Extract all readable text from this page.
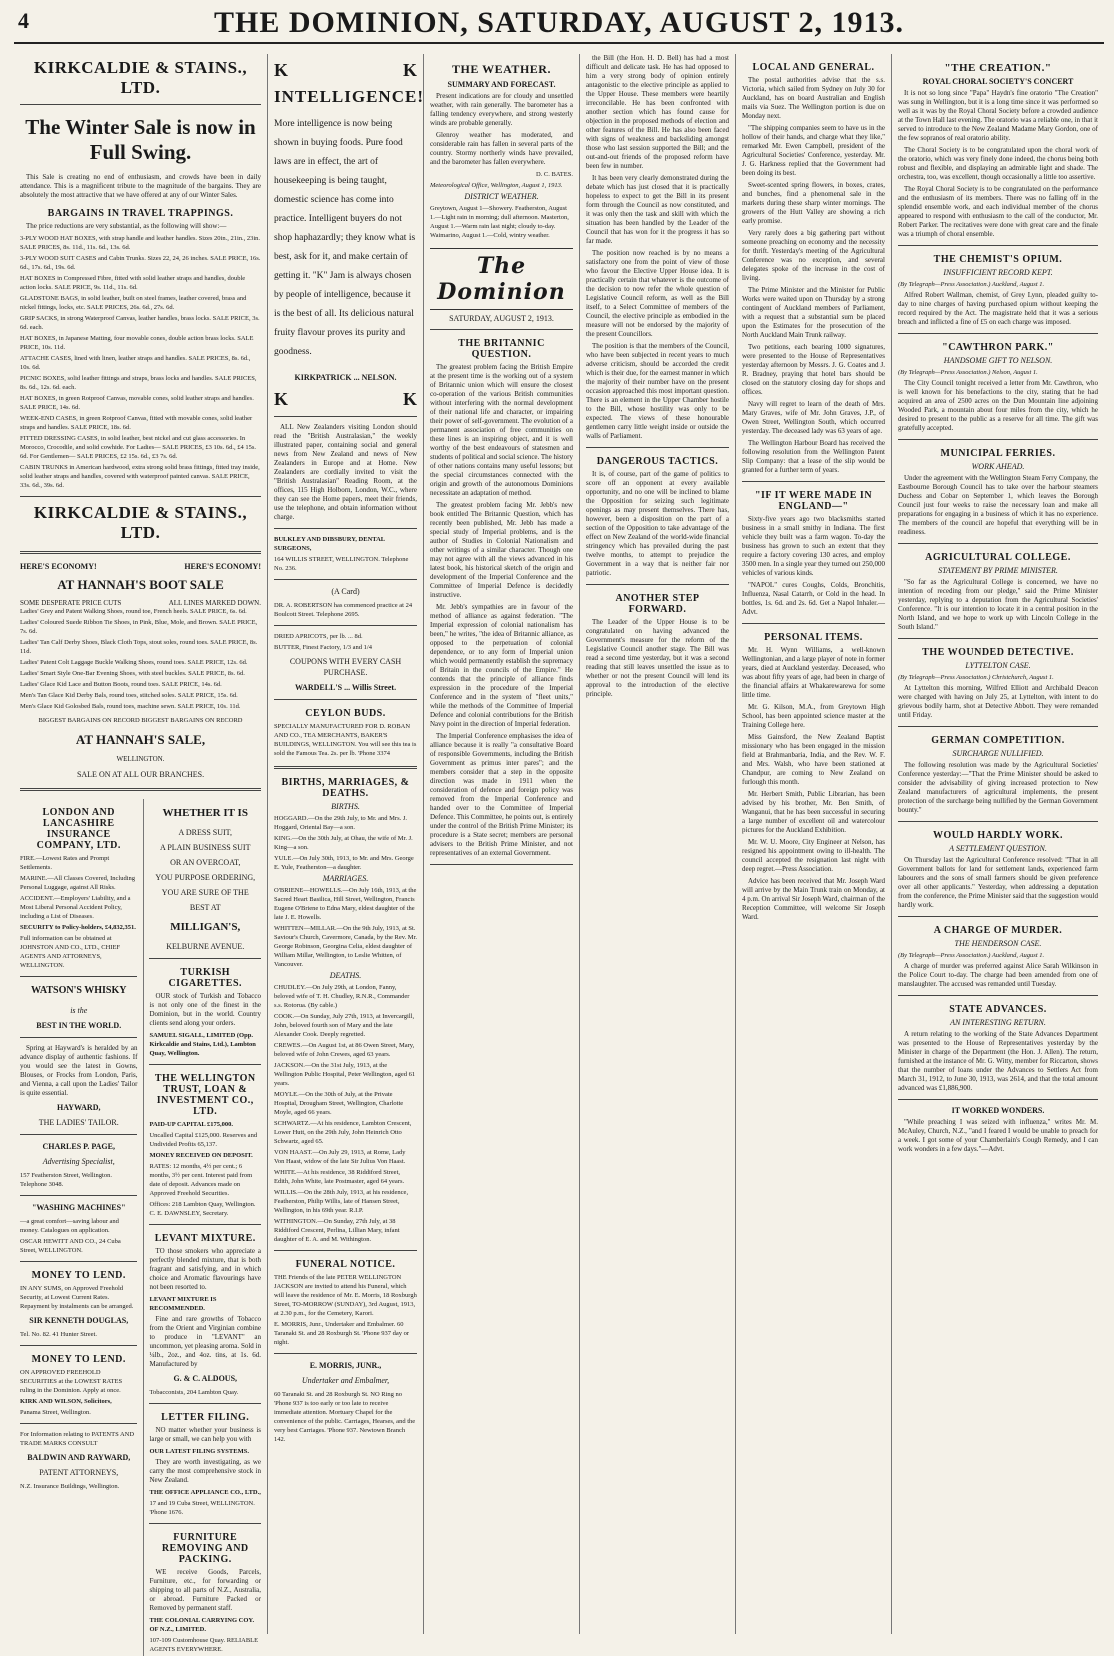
4	THE DOMINION, SATURDAY, AUGUST 2, 1913.
KIRKCALDIE & STAINS., LTD.
The Winter Sale is now in Full Swing.

This Sale is creating no end of enthusiasm, and crowds have been in daily attendance. This is a magnificent tribute to the magnitude of the bargains. They are absolutely the most attractive that we have offered at any of our Winter Sales.

BARGAINS IN TRAVEL TRAPPINGS.

The price reductions are very substantial, as the following will show:—

3-PLY WOOD HAT BOXES, with strap handle and leather handles. Sizes 20in., 21in., 23in. SALE PRICES, 8s. 11d., 11s. 6d., 13s. 6d.
3-PLY WOOD SUIT CASES and Cabin Trunks. Sizes 22, 24, 26 inches. SALE PRICE, 16s. 6d., 17s. 6d., 19s. 6d.
HAT BOXES in Compressed Fibre, fitted with solid leather straps and handles, double action locks. SALE PRICE, 9s. 11d., 11s. 6d.
GLADSTONE BAGS, in solid leather, built on steel frames, leather covered, brass and nickel fittings, locks, etc. SALE PRICES, 26s. 6d., 27s. 6d.
GRIP SACKS, in strong Waterproof Canvas, leather handles, brass locks. SALE PRICE, 3s. 6d. each.
HAT BOXES, in Japanese Matting, four movable cones, double action brass locks. SALE PRICE, 10s. 11d.
ATTACHE CASES, lined with linen, leather straps and handles. SALE PRICES, 8s. 6d., 10s. 6d.
PICNIC BOXES, solid leather fittings and straps, brass locks and handles. SALE PRICES, 8s. 6d., 12s. 6d. each.
HAT BOXES, in green Rotproof Canvas, movable cones, solid leather straps and handles. SALE PRICE, 14s. 6d.
WEEK-END CASES, in green Rotproof Canvas, fitted with movable cones, solid leather straps and handles. SALE PRICE, 18s. 6d.
FITTED DRESSING CASES, in solid leather, best nickel and cut glass accessories. In Morocco, Crocodile, and solid cowhide. For Ladies— SALE PRICES, £3 10s. 6d., £4 15s. 6d. For Gentlemen— SALE PRICES, £2 15s. 6d., £3 7s. 6d.
CABIN TRUNKS in American hardwood, extra strong solid brass fittings, fitted tray inside, solid leather straps and handles, covered with waterproof painted canvas. SALE PRICE, 33s. 6d., 39s. 6d.
KIRKCALDIE & STAINS., LTD.
HERE'S ECONOMY!	HERE'S ECONOMY!
AT HANNAH'S BOOT SALE
SOME DESPERATE PRICE CUTS	ALL LINES MARKED DOWN.
Ladies' Grey and Patent Walking Shoes, round toe, French heels. SALE PRICE, 6s. 6d.
Ladies' Coloured Suede Ribbon Tie Shoes, in Pink, Blue, Mole, and Brown. SALE PRICE, 7s. 6d.
Ladies' Tan Calf Derby Shoes, Black Cloth Tops, stout soles, round toes. SALE PRICE, 8s. 11d.
Ladies' Patent Colt Laggage Buckle Walking Shoes, round toes. SALE PRICE, 12s. 6d.
Ladies' Smart Style One-Bar Evening Shoes, with steel buckles. SALE PRICE, 8s. 6d.
Ladies' Glace Kid Lace and Button Boots, round toes. SALE PRICE, 14s. 6d.
Men's Tan Glace Kid Derby Bals, round toes, stitched soles. SALE PRICE, 15s. 6d.
Men's Glace Kid Golosbed Bals, round toes, machine sewn. SALE PRICE, 10s. 11d.
BIGGEST BARGAINS ON RECORD BIGGEST BARGAINS ON RECORD
AT HANNAH'S SALE,
WELLINGTON.
SALE ON AT ALL OUR BRANCHES.
LONDON AND LANCASHIRE INSURANCE COMPANY, LTD.
FIRE.—Lowest Rates and Prompt Settlements.
MARINE.—All Classes Covered, Including Personal Luggage, against All Risks.
ACCIDENT.—Employers' Liability, and a Most Liberal Personal Accident Policy, including a List of Diseases.
SECURITY to Policy-holders, £4,832,351.
Full information can be obtained at JOHNSTON AND CO., LTD., CHIEF AGENTS AND ATTORNEYS, WELLINGTON.
WATSON'S WHISKY
is the
BEST IN THE WORLD.

Spring at Hayward's is heralded by an advance display of authentic fashions. If you would see the latest in Gowns, Blouses, or Frocks from London, Paris, and Vienna, a call upon the Ladies' Tailor is quite essential.

HAYWARD,
THE LADIES' TAILOR.
CHARLES P. PAGE,
Advertising Specialist,
157 Featherston Street, Wellington. Telephone 3048.
"WASHING MACHINES"
—a great comfort—saving labour and money. Catalogues on application.
OSCAR HEWITT AND CO., 24 Cuba Street, WELLINGTON.
MONEY TO LEND.
IN ANY SUMS, on Approved Freehold Security, at Lowest Current Rates. Repayment by instalments can be arranged.
SIR KENNETH DOUGLAS,
Tel. No. 82. 41 Hunter Street.
MONEY TO LEND.
ON APPROVED FREEHOLD SECURITIES at the LOWEST RATES ruling in the Dominion. Apply at once.
KIRK AND WILSON, Solicitors,
Panama Street, Wellington.
For Information relating to PATENTS AND TRADE MARKS CONSULT
BALDWIN AND RAYWARD,
PATENT ATTORNEYS,
N.Z. Insurance Buildings, Wellington.
WHETHER IT IS
A DRESS SUIT,
A PLAIN BUSINESS SUIT
OR AN OVERCOAT,
YOU PURPOSE ORDERING,
YOU ARE SURE OF THE
BEST AT
MILLIGAN'S,
KELBURNE AVENUE.
TURKISH CIGARETTES.

OUR stock of Turkish and Tobacco is not only one of the finest in the Dominion, but in the world. Country clients send along your orders.

SAMUEL SIGALL, LIMITED (Opp. Kirkcaldie and Stains, Ltd.), Lambton Quay, Wellington.
THE WELLINGTON TRUST, LOAN & INVESTMENT CO., LTD.
PAID-UP CAPITAL £175,000.
Uncalled Capital £125,000. Reserves and Undivided Profits 65,137.
MONEY RECEIVED ON DEPOSIT.
RATES: 12 months, 4½ per cent.; 6 months, 3½ per cent. Interest paid from date of deposit. Advances made on Approved Freehold Securities.
Offices: 218 Lambton Quay, Wellington. C. E. DAWNSLEY, Secretary.
LEVANT MIXTURE.

TO those smokers who appreciate a perfectly blended mixture, that is both fragrant and satisfying, and in which choice and Aromatic flavourings have not been resorted to.

LEVANT MIXTURE IS RECOMMENDED.

Fine and rare growths of Tobacco from the Orient and Virginian combine to produce in "LEVANT" an uncommon, yet pleasing aroma. Sold in ¼lb., 2oz., and 4oz. tins, at 1s. 6d. Manufactured by

G. & C. ALDOUS,
Tobacconists, 204 Lambton Quay.
LETTER FILING.

NO matter whether your business is large or small, we can help you with

OUR LATEST FILING SYSTEMS.

They are worth investigating, as we carry the most comprehensive stock in New Zealand.

THE OFFICE APPLIANCE CO., LTD.,
17 and 19 Cuba Street, WELLINGTON. 'Phone 1676.
FURNITURE REMOVING AND PACKING.

WE receive Goods, Parcels, Furniture, etc., for forwarding or shipping to all parts of N.Z., Australia, or abroad. Furniture Packed or Removed by permanent staff.

THE COLONIAL CARRYING COY. OF N.Z., LIMITED.
107-109 Customhouse Quay. RELIABLE AGENTS EVERYWHERE.
K	K
INTELLIGENCE!
More intelligence is now being shown in buying foods. Pure food laws are in effect, the art of housekeeping is being taught, domestic science has come into practice. Intelligent buyers do not shop haphazardly; they know what is best, ask for it, and make certain of getting it. "K" Jam is always chosen by people of intelligence, because it is the best of all. Its delicious natural fruity flavour proves its purity and goodness.
KIRKPATRICK ... NELSON.
K	K

ALL New Zealanders visiting London should read the "British Australasian," the weekly illustrated paper, containing social and general news from New Zealand and news of New Zealanders in Europe and at Home. New Zealanders are cordially invited to visit the "British Australasian" Reading Room, at the offices, 115 High Holborn, London, W.C., where they can see the Home papers, meet their friends, use the telephone, and obtain information without charge.

BULKLEY AND DIBSBURY, DENTAL SURGEONS,
164 WILLIS STREET, WELLINGTON. Telephone No. 236.
(A Card)
DR. A. ROBERTSON has commenced practice at 24 Boulcott Street. Telephone 2695.
DRIED APRICOTS, per lb. ... 8d.
BUTTER, Finest Factory, 1/3 and 1/4
COUPONS WITH EVERY CASH PURCHASE.
WARDELL'S ... Willis Street.
CEYLON BUDS.
SPECIALLY MANUFACTURED FOR D. ROBAN AND CO., TEA MERCHANTS, BAKER'S BUILDINGS, WELLINGTON. You will see this tea is sold the Famous Tea. 2s. per lb. 'Phone 3374
BIRTHS, MARRIAGES, & DEATHS.
BIRTHS.
HOGGARD.—On the 29th July, to Mr. and Mrs. J. Hoggard, Oriental Bay—a son.
KING.—On the 30th July, at Ohau, the wife of Mr. J. King—a son.
YULE.—On July 30th, 1913, to Mr. and Mrs. George E. Yule, Featherston—a daughter.
MARRIAGES.
O'BRIENE—HOWELLS.—On July 16th, 1913, at the Sacred Heart Basilica, Hill Street, Wellington, Francis Eugene O'Briene to Edna Mary, eldest daughter of the late J. E. Howells.
WHITTEN—MILLAR.—On the 9th July, 1913, at St. Saviour's Church, Cavermore, Canada, by the Rev. Mr. George Robinson, Georgina Celia, eldest daughter of William Millar, Wellington, to Leslie Whitten, of Vancouver.
DEATHS.
CHUDLEY.—On July 29th, at London, Fanny, beloved wife of T. H. Chudley, R.N.R., Commander s.s. Rotorua. (By cable.)
COOK.—On Sunday, July 27th, 1913, at Invercargill, John, beloved fourth son of Mary and the late Alexander Cook. Deeply regretted.
CREWES.—On August 1st, at 86 Owen Street, Mary, beloved wife of John Crewes, aged 63 years.
JACKSON.—On the 31st July, 1913, at the Wellington Public Hospital, Peter Wellington, aged 61 years.
MOYLE.—On the 30th of July, at the Private Hospital, Drougham Street, Wellington, Charlotte Moyle, aged 66 years.
SCHWARTZ.—At his residence, Lambton Crescent, Lower Hutt, on the 29th July, John Heinrich Otto Schwartz, aged 65.
VON HAAST.—On July 29, 1913, at Rome, Lady Von Haast, widow of the late Sir Julius Von Haast.
WHITE.—At his residence, 38 Riddiford Street, Edith, John White, late Postmaster, aged 64 years.
WILLIS.—On the 28th July, 1913, at his residence, Featherston, Philip Willis, late of Hansen Street, Wellington, in his 69th year. R.I.P.
WITHINGTON.—On Sunday, 27th July, at 38 Riddiford Crescent, Perlina, Lillian Mary, infant daughter of E. A. and M. Withington.
FUNERAL NOTICE.
THE Friends of the late PETER WELLINGTON JACKSON are invited to attend his Funeral, which will leave the residence of Mr. E. Morris, 18 Roxburgh Street, TO-MORROW (SUNDAY), 3rd August, 1913, at 2.30 p.m., for the Cemetery, Karori.
E. MORRIS, Junr., Undertaker and Embalmer. 60 Taranaki St. and 28 Roxburgh St. 'Phone 937 day or night.
E. MORRIS, JUNR.,
Undertaker and Embalmer,
60 Taranaki St. and 28 Roxburgh St. NO Ring no 'Phone 937 is too early or too late to receive immediate attention. Mortuary Chapel for the convenience of the public. Carriages, Hearses, and the very best Carriages. 'Phone 937. Newtown Branch 142.
THE WEATHER.
SUMMARY AND FORECAST.

Present indications are for cloudy and unsettled weather, with rain generally. The barometer has a falling tendency everywhere, and strong westerly winds are probable generally.

Glenroy weather has moderated, and considerable rain has fallen in several parts of the country. Stormy northerly winds have prevailed, and the barometer has fallen everywhere.

D. C. BATES.
Meteorological Office, Wellington, August 1, 1913.
DISTRICT WEATHER.
Greytown, August 1—Showery. Featherston, August 1.—Light rain in morning; dull afternoon. Masterton, August 1.—Warm rain last night; cloudy to-day. Waimarino, August 1.—Cold, wintry weather.
The Dominion
SATURDAY, AUGUST 2, 1913.
THE BRITANNIC QUESTION.

The greatest problem facing the British Empire at the present time is the working out of a system of Britannic union which will ensure the closest co-operation of the various British communities without interfering with the normal development of their national life and character, or impairing their power of self-government. The evolution of a permanent association of free communities on these lines is an inspiring object, and it is well worthy of the best endeavours of statesmen and students of political and social science. The history of other nations contains many useful lessons; but the special circumstances connected with the origin and growth of the autonomous Dominions necessitate an adaptation of method.

The greatest problem facing Mr. Jebb's new book entitled The Britannic Question, which has recently been published, Mr. Jebb has made a special study of Imperial problems, and is the author of Studies in Colonial Nationalism and other writings of a similar character. Though one may not agree with all the views advanced in his latest book, his historical sketch of the origin and development of the Imperial Conference and the Committee of Imperial Defence is decidedly instructive.

Mr. Jebb's sympathies are in favour of the method of alliance as against federation. "The Imperial expression of colonial nationalism has been," he writes, "the idea of Britannic alliance, as opposed to the perpetuation of colonial dependence, or to any form of Imperial union which would permanently establish the supremacy of Britain in the councils of the Empire." He contends that the principle of alliance finds expression in the procedure of the Imperial Conference and in the system of "fleet units," while the methods of the Committee of Imperial Defence and colonial contributions for the British Navy point in the direction of Imperial federation.

The Imperial Conference emphasises the idea of alliance because it is really "a consultative Board of responsible Governments, including the British Government as primus inter pares"; and the members consider that a step in the opposite direction was made in 1911 when the consideration of defence and foreign policy was removed from the Imperial Conference and handed over to the Committee of Imperial Defence. This Committee, he points out, is entirely under the control of the British Prime Minister; its procedure is a State secret; members are personal advisers to the British Prime Minister, and not representatives of an external Government.

the Bill (the Hon. H. D. Bell) has had a most difficult and delicate task. He has had opposed to him a very strong body of opinion entirely antagonistic to the elective principle as applied to the Upper House. These members were heartily irreconcilable. He has been confronted with another section which has found cause for objection in the proposed methods of election and other features of the Bill. He has also been faced with signs of weakness and backsliding amongst those who last session supported the Bill; and the out-and-out friends of the proposed reform have been few in number.

It has been very clearly demonstrated during the debate which has just closed that it is practically hopeless to expect to get the Bill in its present form through the Council as now constituted, and it was only then the task and skill with which the situation has been handled by the Leader of the Council that has won for it the progress it has so far made.

The position now reached is by no means a satisfactory one from the point of view of those who favour the Elective Upper House idea. It is practically certain that whatever is the outcome of the decision to now refer the whole question of Legislative Council reform, as well as the Bill itself, to a Select Committee of members of the Council, the elective principle as embodied in the measure will not be endorsed by the majority of the present Councillors.

The position is that the members of the Council, who have been subjected in recent years to much adverse criticism, should be accorded the credit which is their due, for the earnest manner in which the majority of their number have on the present occasion approached this most important question. There is an element in the Upper Chamber hostile to the Bill, whose hostility was only to be expected. The views of these honourable gentlemen carry little weight inside or outside the walls of Parliament.

DANGEROUS TACTICS.

It is, of course, part of the game of politics to score off an opponent at every available opportunity, and no one will be inclined to blame the Opposition for seizing such legitimate openings as may present themselves. There has, however, been a disposition on the part of a section of the Opposition to take advantage of the effect on New Zealand of the world-wide financial stringency which has prevailed during the past twelve months, to attempt to prejudice the Government in a way that is neither fair nor patriotic.

ANOTHER STEP FORWARD.

The Leader of the Upper House is to be congratulated on having advanced the Government's measure for the reform of the Legislative Council another stage. The Bill was read a second time yesterday, but it was a second reading that still leaves unsettled the issue as to whether or not the present Council will lend its approval to the introduction of the elective principle.

LOCAL AND GENERAL.

The postal authorities advise that the s.s. Victoria, which sailed from Sydney on July 30 for Auckland, has on board Australian and English mails via Suez. The Wellington portion is due on Monday next.

"The shipping companies seem to have us in the hollow of their hands, and charge what they like," remarked Mr. Ewen Campbell, president of the Agricultural Societies' Conference, yesterday. Mr. J. G. Harkness replied that the Government had been doing its best.

Sweet-scented spring flowers, in boxes, crates, and bunches, find a phenomenal sale in the markets during these sharp winter mornings. The growers of the Hutt Valley are showing a rich early promise.

Very rarely does a big gathering part without someone preaching on economy and the necessity for thrift. Yesterday's meeting of the Agricultural Conference was no exception, and several delegates spoke of the increase in the cost of living.

The Prime Minister and the Minister for Public Works were waited upon on Thursday by a strong contingent of Auckland members of Parliament, with a request that a substantial sum be placed upon the Estimates for the prosecution of the North Auckland Main Trunk railway.

Two petitions, each bearing 1000 signatures, were presented to the House of Representatives yesterday afternoon by Messrs. J. G. Coates and J. R. Bradney, praying that hotel bars should be closed on the statutory closing day for shops and offices.

Navy will regret to learn of the death of Mrs. Mary Graves, wife of Mr. John Graves, J.P., of Owen Street, Wellington South, which occurred yesterday. The deceased lady was 63 years of age.

The Wellington Harbour Board has received the following resolution from the Wellington Patent Slip Company: that a lease of the slip would be granted for a further term of years.

"IF IT WERE MADE IN ENGLAND—"

Sixty-five years ago two blacksmiths started business in a small smithy in Indiana. The first vehicle they built was a farm wagon. To-day the business has grown to such an extent that they require a factory covering 130 acres, and employ 3500 men. In a single year they turned out 250,000 vehicles of various kinds.

"NAPOL" cures Coughs, Colds, Bronchitis, Influenza, Nasal Catarrh, or Cold in the head. In bottles, 1s. 6d. and 2s. 6d. Get a Napol Inhaler.—Advt.

PERSONAL ITEMS.

Mr. H. Wynn Williams, a well-known Wellingtonian, and a large player of note in former years, died at Auckland yesterday. Deceased, who was about fifty years of age, had been in charge of the financial affairs at Whakarewarewa for some little time.

Mr. G. Kilson, M.A., from Greytown High School, has been appointed science master at the Training College here.

Miss Gainsford, the New Zealand Baptist missionary who has been engaged in the mission field at Brahmanbaria, India, and the Rev. W. F. and Mrs. Walsh, who have been stationed at Chandpur, are coming to New Zealand on furlough this month.

Mr. Herbert Smith, Public Librarian, has been advised by his brother, Mr. Ben Smith, of Wanganui, that he has been successful in securing a large number of excellent oil and watercolour pictures for the Auckland Exhibition.

Mr. W. U. Moore, City Engineer at Nelson, has resigned his appointment owing to ill-health. The council accepted the resignation last night with deep regret.—Press Association.

Advice has been received that Mr. Joseph Ward will arrive by the Main Trunk train on Monday, at 4 p.m. On arrival Sir Joseph Ward, chairman of the Reception Committee, will welcome Sir Joseph Ward.

"THE CREATION."
ROYAL CHORAL SOCIETY'S CONCERT

It is not so long since "Papa" Haydn's fine oratorio "The Creation" was sung in Wellington, but it is a long time since it was performed so well as it was by the Royal Choral Society before a crowded audience at the Town Hall last evening. The oratorio was a reliable one, in that it served to introduce to the New Zealand Madame Mary Gordon, one of the few sopranos of real oratorio ability.

The Choral Society is to be congratulated upon the choral work of the oratorio, which was very finely done indeed, the chorus being both robust and flexible, and displaying an admirable light and shade. The orchestra, too, was excellent, though occasionally a little too assertive.

The Royal Choral Society is to be congratulated on the performance and the enthusiasm of its members. There was no falling off in the splendid ensemble work, and each individual member of the chorus appeared to respond with enthusiasm to the call of the conductor, Mr. Robert Parker. The recitatives were done with great care and the finale was a triumph of choral ensemble.

THE CHEMIST'S OPIUM.
INSUFFICIENT RECORD KEPT.
(By Telegraph—Press Association.) Auckland, August 1.

Alfred Robert Wallman, chemist, of Grey Lynn, pleaded guilty to-day to nine charges of having purchased opium without keeping the record required by the Act. The magistrate held that it was a serious breach and inflicted a fine of £5 on each charge was imposed.

"CAWTHRON PARK."
HANDSOME GIFT TO NELSON.
(By Telegraph—Press Association.) Nelson, August 1.

The City Council tonight received a letter from Mr. Cawthron, who is well known for his benefactions to the city, stating that he had acquired an area of 2500 acres on the Dun Mountain line adjoining Wooded Park, a mountain about four miles from the city, which he desired to present to the public as a reserve for all time. The gift was gratefully accepted.

MUNICIPAL FERRIES.
WORK AHEAD.

Under the agreement with the Wellington Steam Ferry Company, the Eastbourne Borough Council has to take over the harbour steamers Duchess and Cobar on September 1, which leaves the Borough Council just four weeks to raise the necessary loan and make all preparations for engaging in a business of which it has no experience. The members of the council are hopeful that everything will be in readiness.

AGRICULTURAL COLLEGE.
STATEMENT BY PRIME MINISTER.

"So far as the Agricultural College is concerned, we have no intention of receding from our pledge," said the Prime Minister yesterday, replying to a deputation from the Agricultural Societies' Conference. "It is our intention to locate it in a central position in the North Island, and we hope to work up with Lincoln College in the South Island."

THE WOUNDED DETECTIVE.
LYTTELTON CASE.
(By Telegraph—Press Association.) Christchurch, August 1.

At Lyttelton this morning, Wilfred Elliott and Archibald Deacon were charged with having on July 25, at Lyttelton, with intent to do grievous bodily harm, shot at Detective Abbott. They were remanded until Friday.

GERMAN COMPETITION.
SURCHARGE NULLIFIED.

The following resolution was made by the Agricultural Societies' Conference yesterday:—"That the Prime Minister should be asked to consider the advisability of giving increased protection to New Zealand manufacturers of agricultural implements, the present protection of the surcharge being nullified by the German Government bounty."

WOULD HARDLY WORK.
A SETTLEMENT QUESTION.

On Thursday last the Agricultural Conference resolved: "That in all Government ballots for land for settlement lands, experienced farm labourers and the sons of small farmers should be given preference over all other applicants." Yesterday, when addressing a deputation from the conference, the Prime Minister said that the suggestion would hardly work.

A CHARGE OF MURDER.
THE HENDERSON CASE.
(By Telegraph—Press Association.) Auckland, August 1.

A charge of murder was preferred against Alice Sarah Wilkinson in the Police Court to-day. The charge had been amended from one of manslaughter. The accused was remanded until Tuesday.

STATE ADVANCES.
AN INTERESTING RETURN.

A return relating to the working of the State Advances Department was presented to the House of Representatives yesterday by the Minister in charge of the Department (the Hon. J. Allen). The return, furnished at the instance of Mr. G. Witty, member for Riccarton, shows that the number of loans under the Advances to Settlers Act from March 31, 1912, to June 30, 1913, was 2614, and that the total amount advanced was £1,886,900.

IT WORKED WONDERS.

"While preaching I was seized with influenza," writes Mr. M. McAuley, Church, N.Z., "and I feared I would be unable to preach for a week. I got some of your Chamberlain's Cough Remedy, and I can work wonders in a few days."—Advt.
